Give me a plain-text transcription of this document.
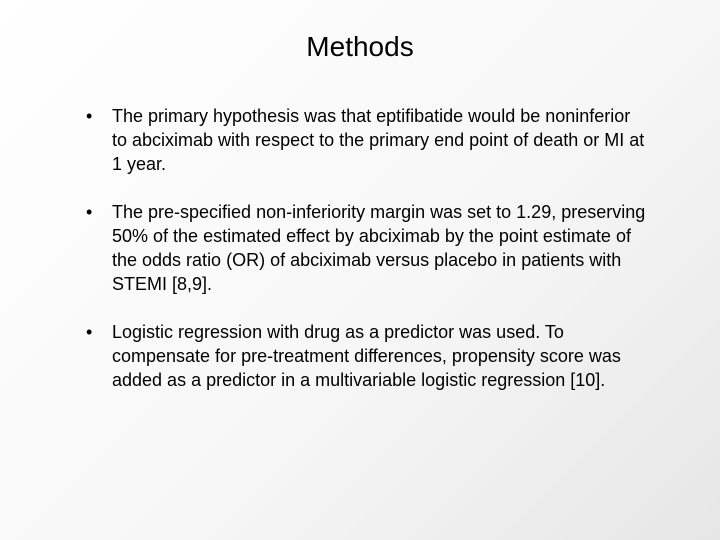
Methods
•	The primary hypothesis was that eptifibatide would be noninferior to abciximab with respect to the primary end point of death or MI at 1 year.
•	The pre-specified non-inferiority margin was set to 1.29, preserving 50% of the estimated effect by abciximab by the point estimate of the odds ratio (OR) of abciximab versus placebo in patients with STEMI [8,9].
•	Logistic regression with drug as a predictor was used. To compensate for pre-treatment differences, propensity score was added as a predictor in a multivariable logistic regression [10].
